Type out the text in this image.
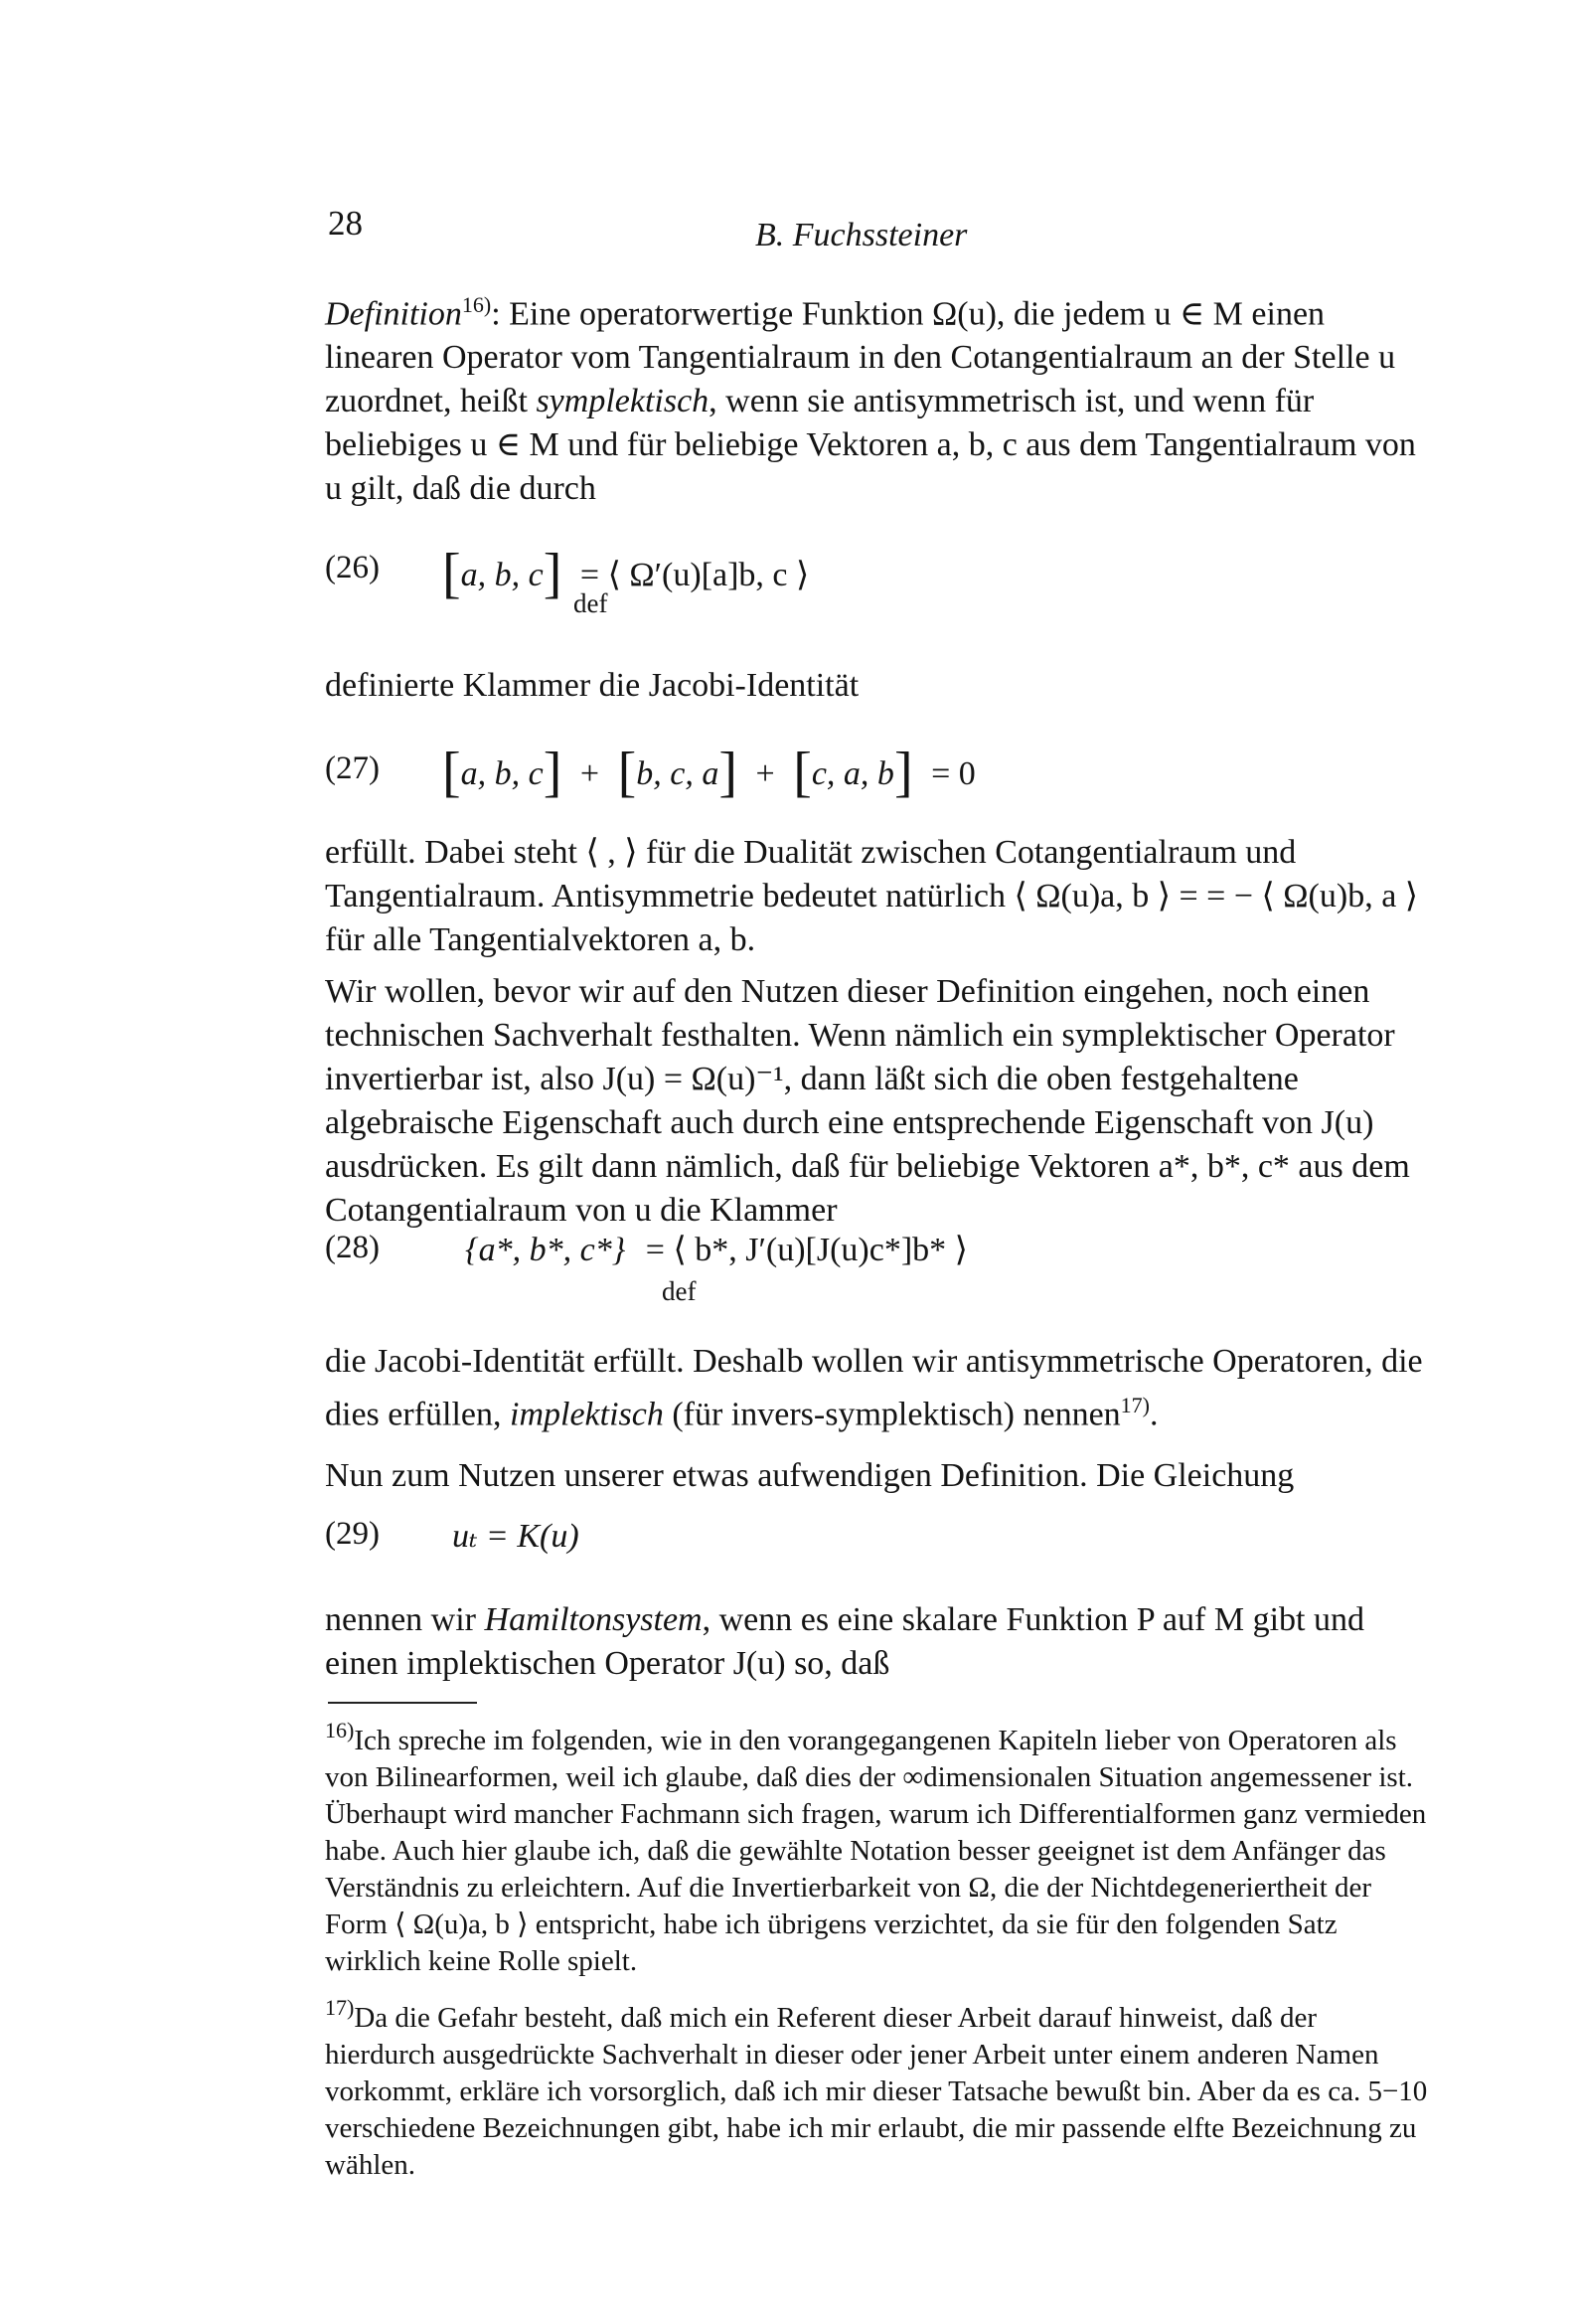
28	B. Fuchssteiner
Definition$^{16)}$: Eine operatorwertige Funktion Ω(u), die jedem u ∈ M einen linearen Operator vom Tangentialraum in den Cotangentialraum an der Stelle u zuordnet, heißt symplektisch, wenn sie antisymmetrisch ist, und wenn für beliebiges u ∈ M und für beliebige Vektoren a, b, c aus dem Tangentialraum von u gilt, daß die durch
(26) [a, b, c] = ⟨ Ω′(u)[a]b, c ⟩
def
definierte Klammer die Jacobi-Identität
(27) [a, b, c] + [b, c, a] + [c, a, b] = 0
erfüllt. Dabei steht ⟨ , ⟩ für die Dualität zwischen Cotangentialraum und Tangentialraum. Antisymmetrie bedeutet natürlich ⟨ Ω(u)a, b ⟩ = = − ⟨ Ω(u)b, a ⟩ für alle Tangentialvektoren a, b.
Wir wollen, bevor wir auf den Nutzen dieser Definition eingehen, noch einen technischen Sachverhalt festhalten. Wenn nämlich ein symplektischer Operator invertierbar ist, also J(u) = Ω(u)⁻¹, dann läßt sich die oben festgehaltene algebraische Eigenschaft auch durch eine entsprechende Eigenschaft von J(u) ausdrücken. Es gilt dann nämlich, daß für beliebige Vektoren a*, b*, c* aus dem Cotangentialraum von u die Klammer
(28)	{a*, b*, c*} = ⟨ b*, J′(u)[J(u)c*]b* ⟩
def
die Jacobi-Identität erfüllt. Deshalb wollen wir antisymmetrische Operatoren, die dies erfüllen, implektisch (für invers-symplektisch) nennen$^{17)}$.
Nun zum Nutzen unserer etwas aufwendigen Definition. Die Gleichung
(29) uₜ = K(u)
nennen wir Hamiltonsystem, wenn es eine skalare Funktion P auf M gibt und einen implektischen Operator J(u) so, daß
$^{16)}$Ich spreche im folgenden, wie in den vorangegangenen Kapiteln lieber von Operatoren als von Bilinearformen, weil ich glaube, daß dies der ∞dimensionalen Situation angemessener ist. Überhaupt wird mancher Fachmann sich fragen, warum ich Differentialformen ganz vermieden habe. Auch hier glaube ich, daß die gewählte Notation besser geeignet ist dem Anfänger das Verständnis zu erleichtern. Auf die Invertierbarkeit von Ω, die der Nichtdegeneriertheit der Form ⟨ Ω(u)a, b ⟩ entspricht, habe ich übrigens verzichtet, da sie für den folgenden Satz wirklich keine Rolle spielt.
$^{17)}$Da die Gefahr besteht, daß mich ein Referent dieser Arbeit darauf hinweist, daß der hierdurch ausgedrückte Sachverhalt in dieser oder jener Arbeit unter einem anderen Namen vorkommt, erkläre ich vorsorglich, daß ich mir dieser Tatsache bewußt bin. Aber da es ca. 5−10 verschiedene Bezeichnungen gibt, habe ich mir erlaubt, die mir passende elfte Bezeichnung zu wählen.
